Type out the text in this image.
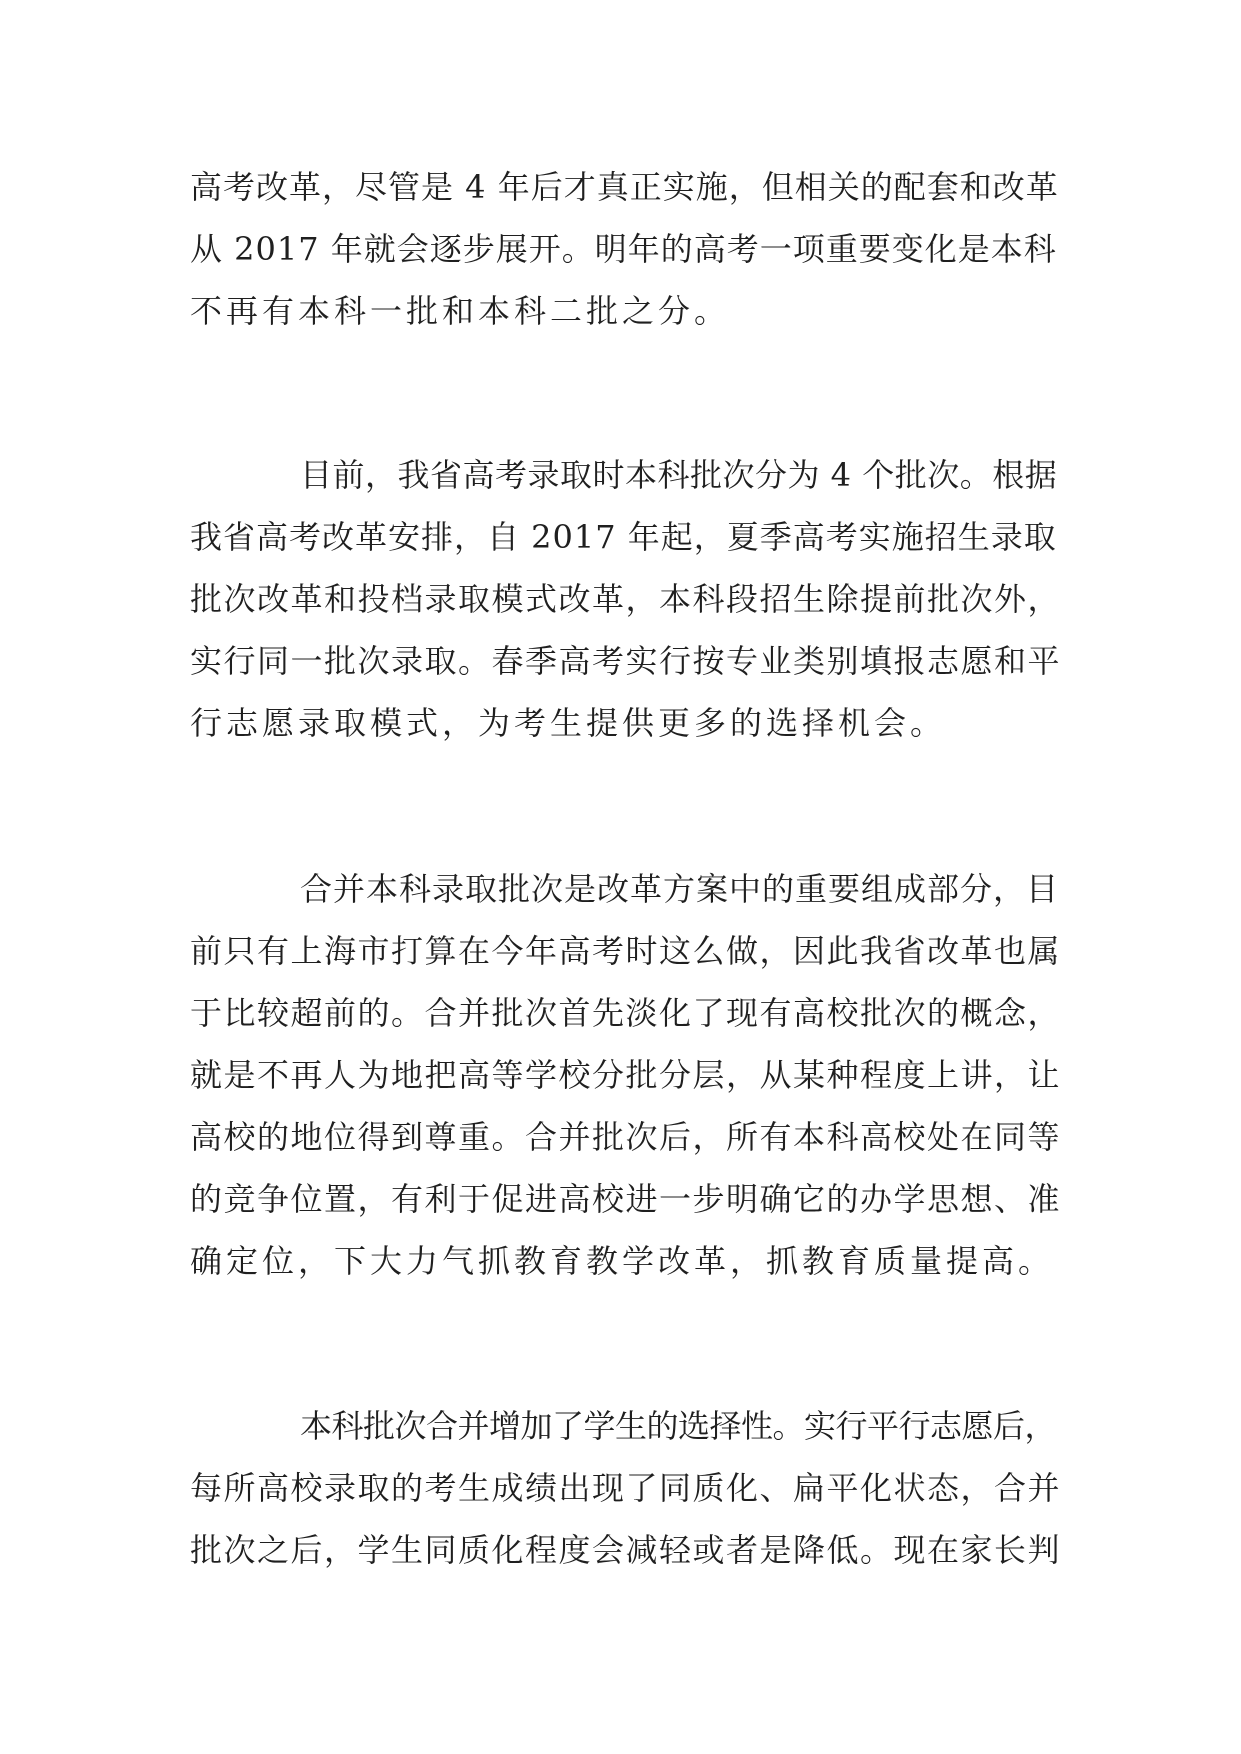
高考改革，尽管是 4 年后才真正实施，但相关的配套和改革
从 2017 年就会逐步展开。明年的高考一项重要变化是本科
不再有本科一批和本科二批之分。
目前，我省高考录取时本科批次分为 4 个批次。根据
我省高考改革安排，自 2017 年起，夏季高考实施招生录取
批次改革和投档录取模式改革，本科段招生除提前批次外，
实行同一批次录取。春季高考实行按专业类别填报志愿和平
行志愿录取模式，为考生提供更多的选择机会。
合并本科录取批次是改革方案中的重要组成部分，目
前只有上海市打算在今年高考时这么做，因此我省改革也属
于比较超前的。合并批次首先淡化了现有高校批次的概念，
就是不再人为地把高等学校分批分层，从某种程度上讲，让
高校的地位得到尊重。合并批次后，所有本科高校处在同等
的竞争位置，有利于促进高校进一步明确它的办学思想、准
确定位，下大力气抓教育教学改革，抓教育质量提高。
本科批次合并增加了学生的选择性。实行平行志愿后，
每所高校录取的考生成绩出现了同质化、扁平化状态，合并
批次之后，学生同质化程度会减轻或者是降低。现在家长判
